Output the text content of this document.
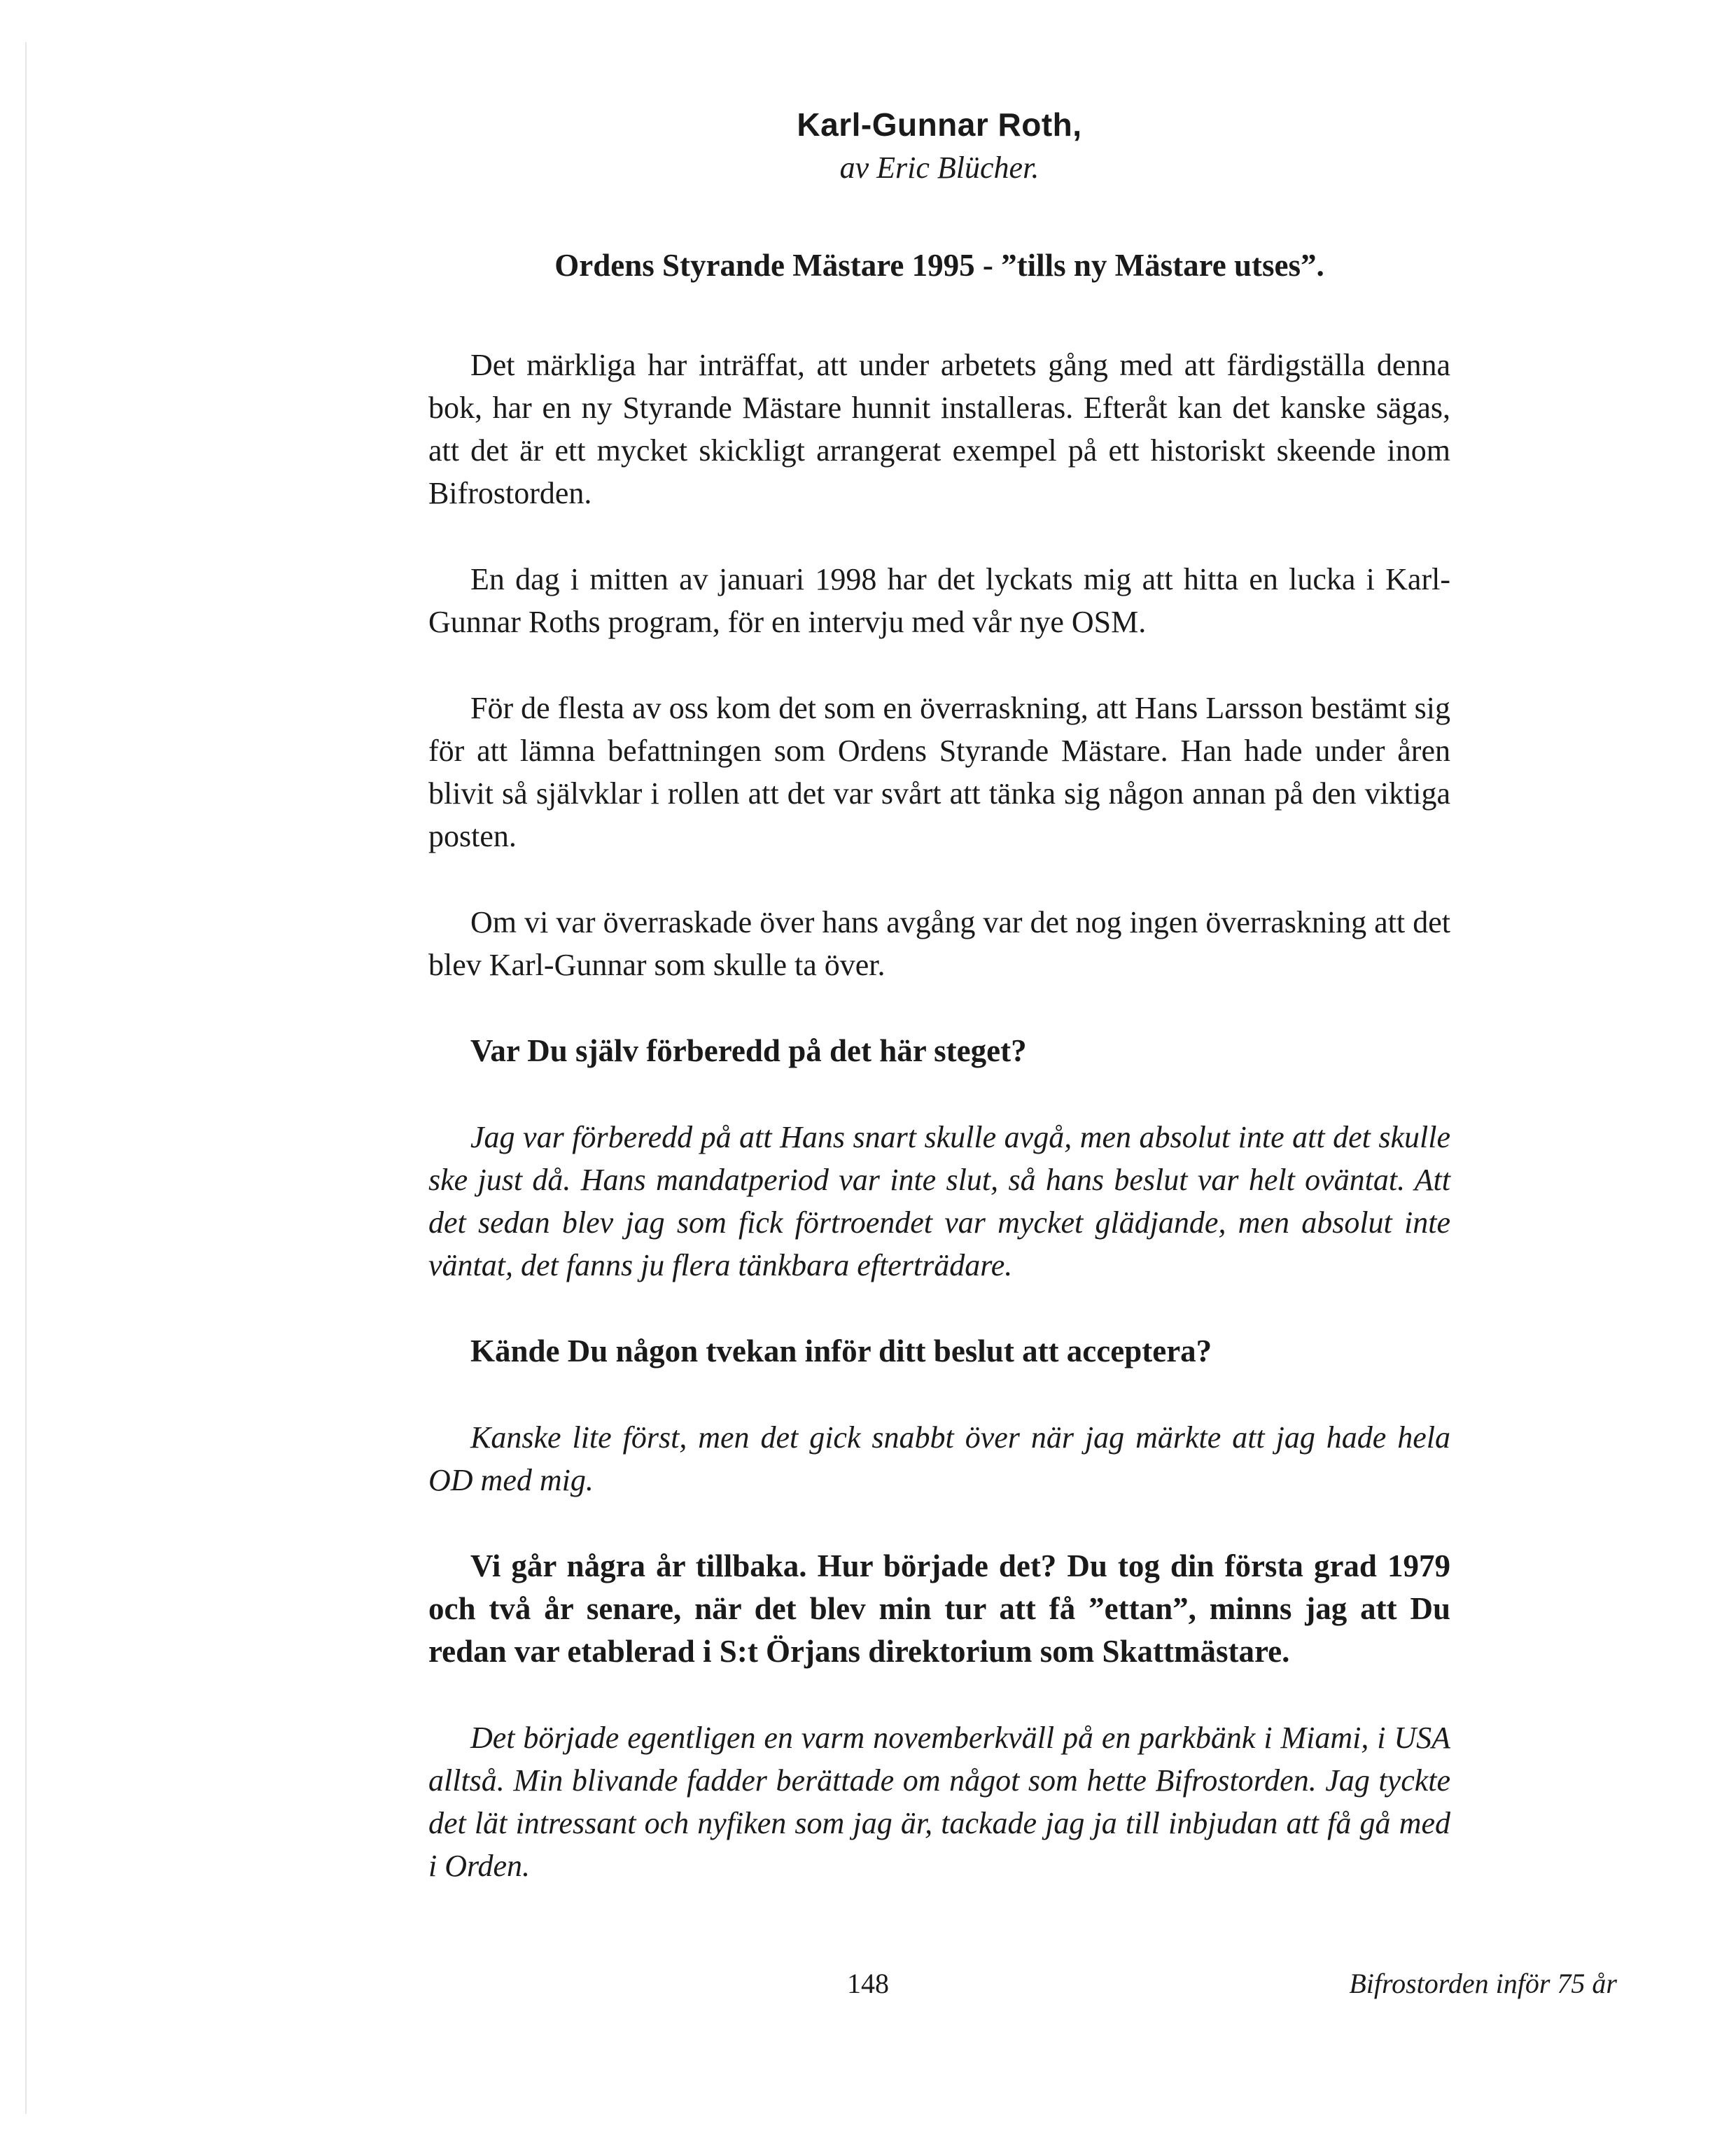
Karl-Gunnar Roth,

av Eric Blücher.

Ordens Styrande Mästare 1995 - ”tills ny Mästare utses”.

Det märkliga har inträffat, att under arbetets gång med att färdigställa denna bok, har en ny Styrande Mästare hunnit installeras. Efteråt kan det kanske sägas, att det är ett mycket skickligt arrangerat exempel på ett historiskt skeende inom Bifrostorden.

En dag i mitten av januari 1998 har det lyckats mig att hitta en lucka i Karl-Gunnar Roths program, för en intervju med vår nye OSM.

För de flesta av oss kom det som en överraskning, att Hans Larsson bestämt sig för att lämna befattningen som Ordens Styrande Mästare. Han hade under åren blivit så självklar i rollen att det var svårt att tänka sig någon annan på den viktiga posten.

Om vi var överraskade över hans avgång var det nog ingen överraskning att det blev Karl-Gunnar som skulle ta över.

Var Du själv förberedd på det här steget?

Jag var förberedd på att Hans snart skulle avgå, men absolut inte att det skulle ske just då. Hans mandatperiod var inte slut, så hans beslut var helt oväntat. Att det sedan blev jag som fick förtroendet var mycket glädjande, men absolut inte väntat, det fanns ju flera tänkbara efterträdare.

Kände Du någon tvekan inför ditt beslut att acceptera?

Kanske lite först, men det gick snabbt över när jag märkte att jag hade hela OD med mig.

Vi går några år tillbaka. Hur började det? Du tog din första grad 1979 och två år senare, när det blev min tur att få ”ettan”, minns jag att Du redan var etablerad i S:t Örjans direktorium som Skattmästare.

Det började egentligen en varm novemberkväll på en parkbänk i Miami, i USA alltså. Min blivande fadder berättade om något som hette Bifrostorden. Jag tyckte det lät intressant och nyfiken som jag är, tackade jag ja till inbjudan att få gå med i Orden.

148	Bifrostorden inför 75 år
